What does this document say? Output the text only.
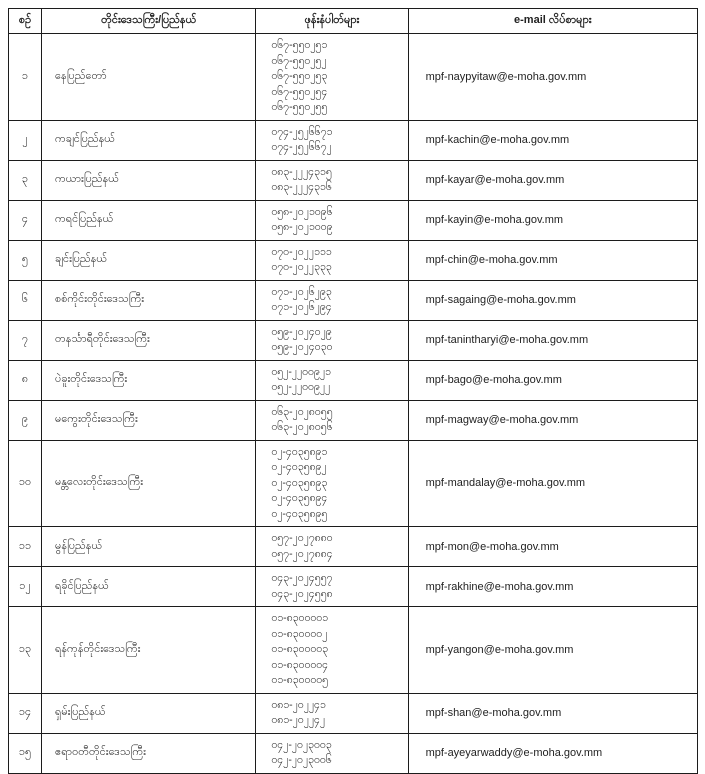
စဉ်	တိုင်းဒေသကြီး/ပြည်နယ်	ဖုန်းနံပါတ်များ	e-mail လိပ်စာများ
၁	နေပြည်တော်	၀၆၇-၅၅၀၂၅၁
၀၆၇-၅၅၀၂၅၂
၀၆၇-၅၅၀၂၅၃
၀၆၇-၅၅၀၂၅၄
၀၆၇-၅၅၀၂၅၅	mpf-naypyitaw@e-moha.gov.mm
၂	ကချင်ပြည်နယ်	၀၇၄-၂၅၂၆၆၇၁
၀၇၄-၂၅၂၆၆၇၂	mpf-kachin@e-moha.gov.mm
၃	ကယားပြည်နယ်	၀၈၃-၂၂၂၄၃၁၅
၀၈၃-၂၂၂၄၃၁၆	mpf-kayar@e-moha.gov.mm
၄	ကရင်ပြည်နယ်	၀၅၈-၂၀၂၁၀၉၆
၀၅၈-၂၀၂၁၀၀၉	mpf-kayin@e-moha.gov.mm
၅	ချင်းပြည်နယ်	၀၇၀-၂၀၂၂၁၁၁
၀၇၀-၂၀၂၂၃၃၃	mpf-chin@e-moha.gov.mm
၆	စစ်ကိုင်းတိုင်းဒေသကြီး	၀၇၁-၂၀၂၆၂၉၃
၀၇၁-၂၀၂၆၂၉၄	mpf-sagaing@e-moha.gov.mm
၇	တနင်္သာရီတိုင်းဒေသကြီး	၀၅၉-၂၀၂၄၀၂၉
၀၅၉-၂၀၂၄၀၃၀	mpf-tanintharyi@e-moha.gov.mm
၈	ပဲခူးတိုင်းဒေသကြီး	၀၅၂-၂၂၀၀၉၂၁
၀၅၂-၂၂၀၀၉၂၂	mpf-bago@e-moha.gov.mm
၉	မကွေးတိုင်းဒေသကြီး	၀၆၃-၂၀၂၈၀၅၅
၀၆၃-၂၀၂၈၀၅၆	mpf-magway@e-moha.gov.mm
၁၀	မန္တလေးတိုင်းဒေသကြီး	၀၂-၄၀၃၅၈၉၁
၀၂-၄၀၃၅၈၉၂
၀၂-၄၀၃၅၈၉၃
၀၂-၄၀၃၅၈၉၄
၀၂-၄၀၃၅၈၉၅	mpf-mandalay@e-moha.gov.mm
၁၁	မွန်ပြည်နယ်	၀၅၇-၂၀၂၇၈၈၀
၀၅၇-၂၀၂၇၈၈၄	mpf-mon@e-moha.gov.mm
၁၂	ရခိုင်ပြည်နယ်	၀၄၃-၂၀၂၄၅၅၇
၀၄၃-၂၀၂၄၅၅၈	mpf-rakhine@e-moha.gov.mm
၁၃	ရန်ကုန်တိုင်းဒေသကြီး	၀၁-၈၃၀၀၀၀၁
၀၁-၈၃၀၀၀၀၂
၀၁-၈၃၀၀၀၀၃
၀၁-၈၃၀၀၀၀၄
၀၁-၈၃၀၀၀၀၅	mpf-yangon@e-moha.gov.mm
၁၄	ရှမ်းပြည်နယ်	၀၈၁-၂၀၂၂၄၁
၀၈၁-၂၀၂၂၄၂	mpf-shan@e-moha.gov.mm
၁၅	ဧရာဝတီတိုင်းဒေသကြီး	၀၄၂-၂၀၂၃၀၀၃
၀၄၂-၂၀၂၃၀၀၆	mpf-ayeyarwaddy@e-moha.gov.mm
